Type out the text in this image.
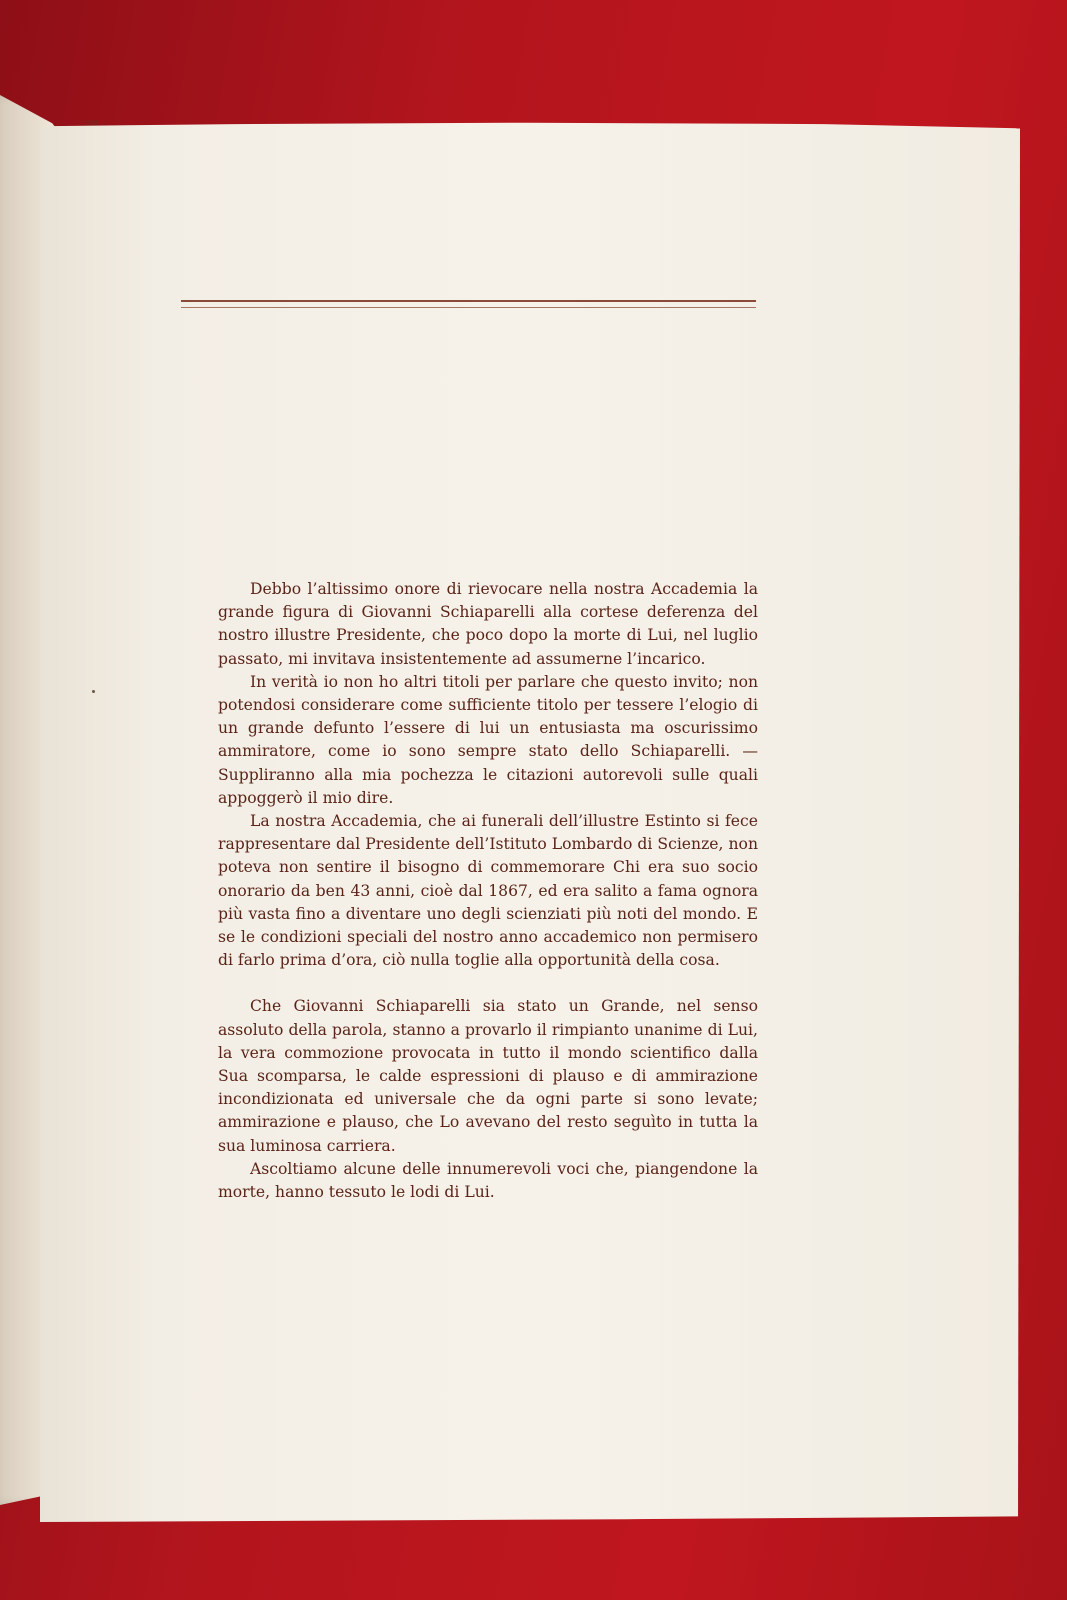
Debbo l’altissimo onore di rievocare nella nostra Accademia la grande figura di Giovanni Schiaparelli alla cortese deferenza del nostro illustre Presidente, che poco dopo la morte di Lui, nel luglio passato, mi invitava insistentemente ad assumerne l’incarico.

In verità io non ho altri titoli per parlare che questo invito; non potendosi considerare come sufficiente titolo per tessere l’elogio di un grande defunto l’essere di lui un entusiasta ma oscurissimo ammiratore, come io sono sempre stato dello Schiaparelli. — Suppliranno alla mia pochezza le citazioni autorevoli sulle quali appoggerò il mio dire.

La nostra Accademia, che ai funerali dell’illustre Estinto si fece rappresentare dal Presidente dell’Istituto Lombardo di Scienze, non poteva non sentire il bisogno di commemorare Chi era suo socio onorario da ben 43 anni, cioè dal 1867, ed era salito a fama ognora più vasta fino a diventare uno degli scienziati più noti del mondo. E se le condizioni speciali del nostro anno accademico non permisero di farlo prima d’ora, ciò nulla toglie alla opportunità della cosa.

Che Giovanni Schiaparelli sia stato un Grande, nel senso assoluto della parola, stanno a provarlo il rimpianto unanime di Lui, la vera commozione provocata in tutto il mondo scientifico dalla Sua scomparsa, le calde espressioni di plauso e di ammirazione incondizionata ed universale che da ogni parte si sono levate; ammirazione e plauso, che Lo avevano del resto seguìto in tutta la sua luminosa carriera.

Ascoltiamo alcune delle innumerevoli voci che, piangendone la morte, hanno tessuto le lodi di Lui.
